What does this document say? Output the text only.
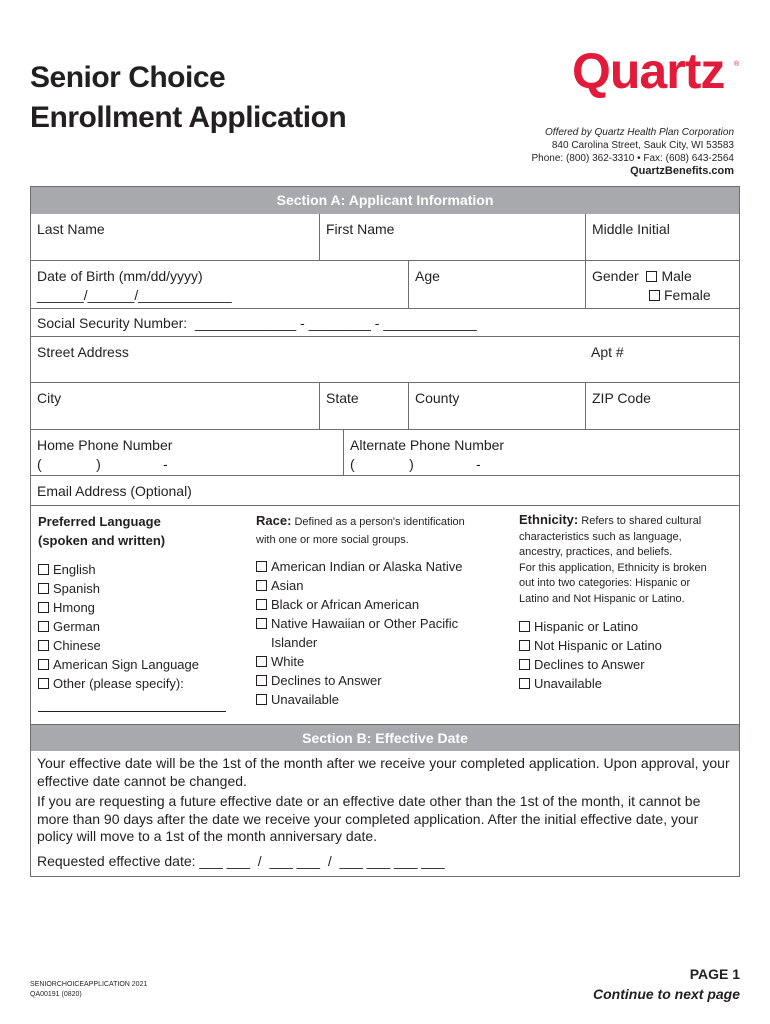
Senior Choice
Enrollment Application
Quartz ®
Offered by Quartz Health Plan Corporation
840 Carolina Street, Sauk City, WI 53583
Phone: (800) 362-3310 • Fax: (608) 643-2564
QuartzBenefits.com
Section A: Applicant Information
Last Name	First Name	Middle Initial
Date of Birth (mm/dd/yyyy)
______/______/____________
Age	Gender Male
Female
Social Security Number: _____________ - ________ - ____________
Street Address	Apt #
City	State	County	ZIP Code
Home Phone Number
(              )                -
Alternate Phone Number
(              )                -
Email Address (Optional)
Preferred Language
(spoken and written)
English
Spanish
Hmong
German
Chinese
American Sign Language
Other (please specify):
Race: Defined as a person's identification
with one or more social groups.
American Indian or Alaska Native
Asian
Black or African American
Native Hawaiian or Other Pacific
Islander
White
Declines to Answer
Unavailable
Ethnicity: Refers to shared cultural
characteristics such as language,
ancestry, practices, and beliefs.
For this application, Ethnicity is broken
out into two categories: Hispanic or
Latino and Not Hispanic or Latino.
Hispanic or Latino
Not Hispanic or Latino
Declines to Answer
Unavailable
Section B: Effective Date
Your effective date will be the 1st of the month after we receive your completed application. Upon approval, your effective date cannot be changed.
If you are requesting a future effective date or an effective date other than the 1st of the month, it cannot be more than 90 days after the date we receive your completed application. After the initial effective date, your policy will move to a 1st of the month anniversary date.
Requested effective date: ___ ___  /  ___ ___  /  ___ ___ ___ ___
SENIORCHOICEAPPLICATION 2021
QA00191 (0820)
PAGE 1
Continue to next page
